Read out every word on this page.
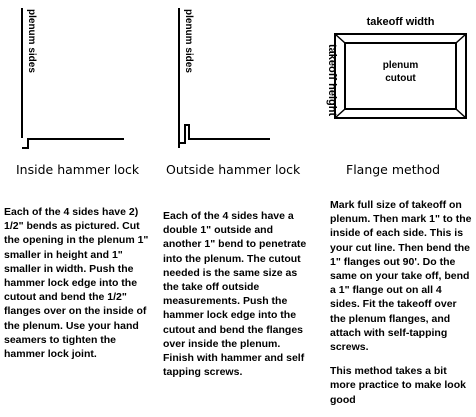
plenum sides	plenum sides
takeoff height
takeoff width
plenum
cutout
Inside hammer lock Outside hammer lock	Flange method

Each of the 4 sides have 2) 1/2" bends as pictured. Cut the opening in the plenum 1" smaller in height and 1" smaller in width. Push the hammer lock edge into the cutout and bend the 1/2" flanges over on the inside of the plenum. Use your hand seamers to tighten the hammer lock joint.

Each of the 4 sides have a double 1" outside and another 1" bend to penetrate into the plenum. The cutout needed is the same size as the take off outside measurements. Push the hammer lock edge into the cutout and bend the flanges over inside the plenum. Finish with hammer and self tapping screws.

Mark full size of takeoff on plenum. Then mark 1" to the inside of each side. This is your cut line. Then bend the 1" flanges out 90'. Do the same on your take off, bend a 1" flange out on all 4 sides. Fit the takeoff over the plenum flanges, and attach with self-tapping screws.

This method takes a bit more practice to make look good
